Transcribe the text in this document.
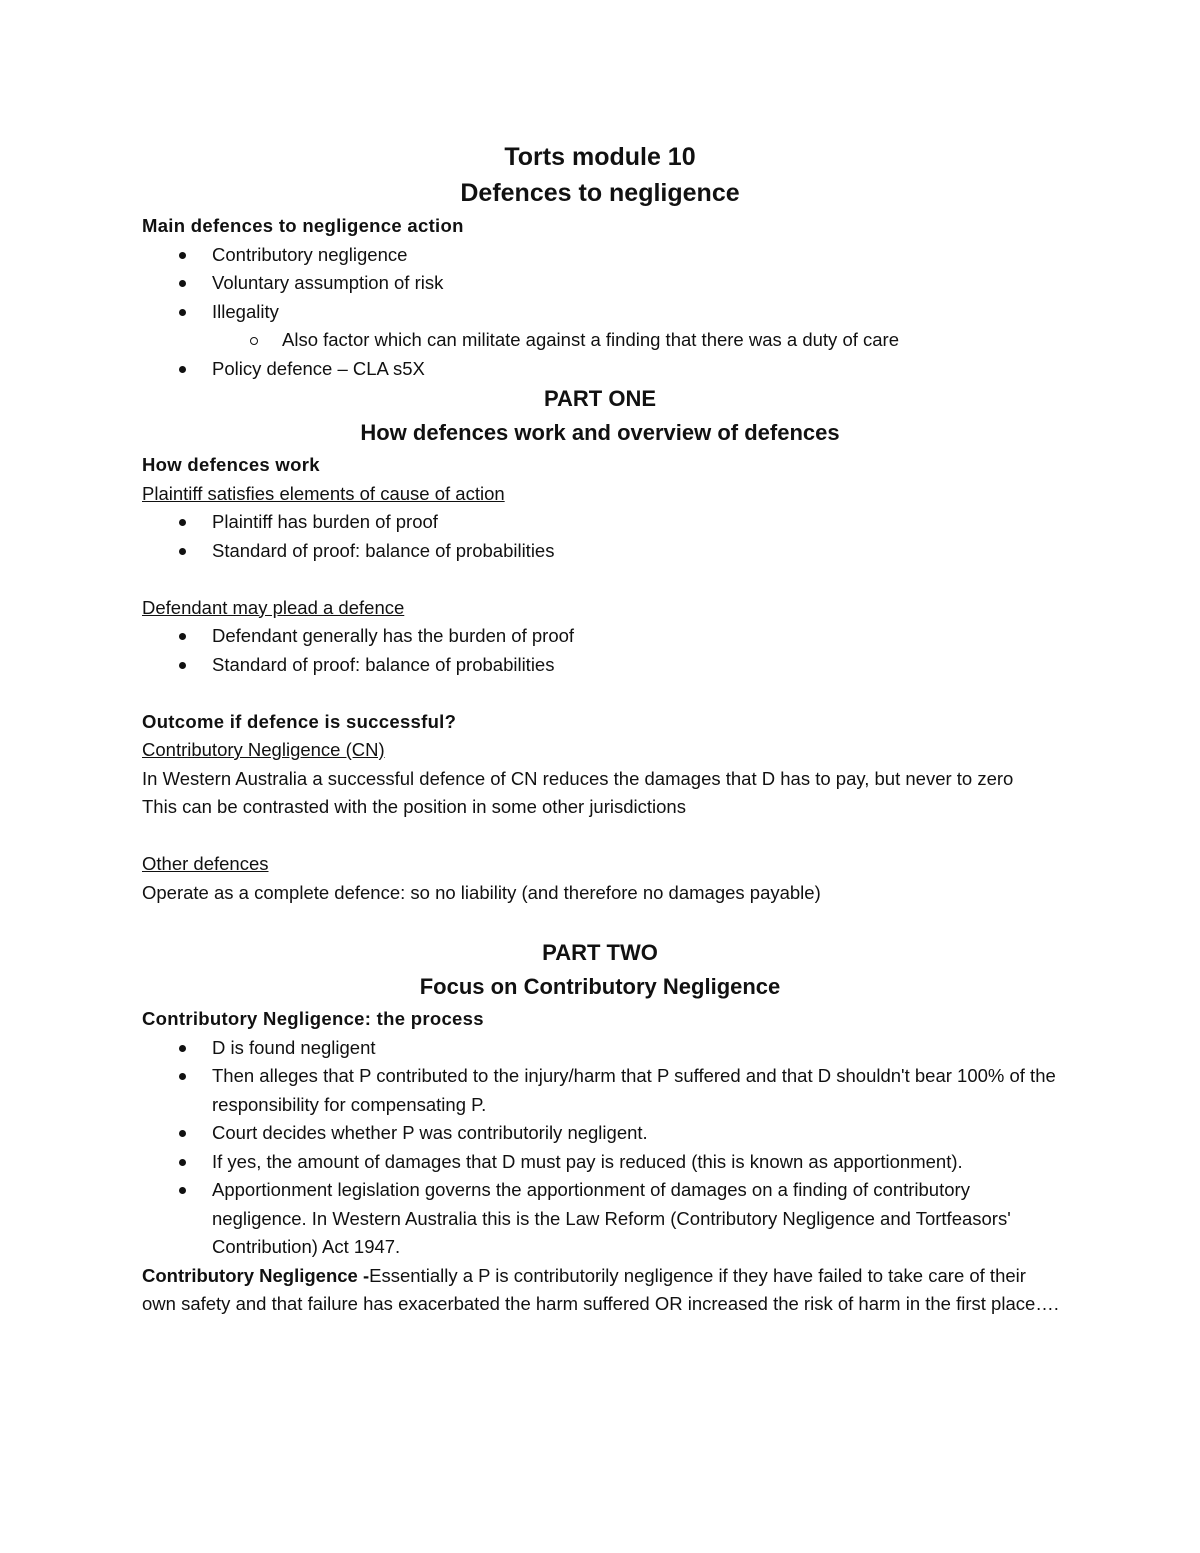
Torts module 10

Defences to negligence

Main defences to negligence action

Contributory negligence
Voluntary assumption of risk
Illegality
Also factor which can militate against a finding that there was a duty of care
Policy defence – CLA s5X

PART ONE

How defences work and overview of defences

How defences work

Plaintiff satisfies elements of cause of action

Plaintiff has burden of proof
Standard of proof: balance of probabilities

Defendant may plead a defence

Defendant generally has the burden of proof
Standard of proof: balance of probabilities

Outcome if defence is successful?

Contributory Negligence (CN)

In Western Australia a successful defence of CN reduces the damages that D has to pay, but never to zero

This can be contrasted with the position in some other jurisdictions

Other defences

Operate as a complete defence: so no liability (and therefore no damages payable)

PART TWO

Focus on Contributory Negligence

Contributory Negligence: the process

D is found negligent
Then alleges that P contributed to the injury/harm that P suffered and that D shouldn't bear 100% of the responsibility for compensating P.
Court decides whether P was contributorily negligent.
If yes, the amount of damages that D must pay is reduced (this is known as apportionment).
Apportionment legislation governs the apportionment of damages on a finding of contributory negligence. In Western Australia this is the Law Reform (Contributory Negligence and Tortfeasors' Contribution) Act 1947.

Contributory Negligence -Essentially a P is contributorily negligence if they have failed to take care of their own safety and that failure has exacerbated the harm suffered OR increased the risk of harm in the first place….
